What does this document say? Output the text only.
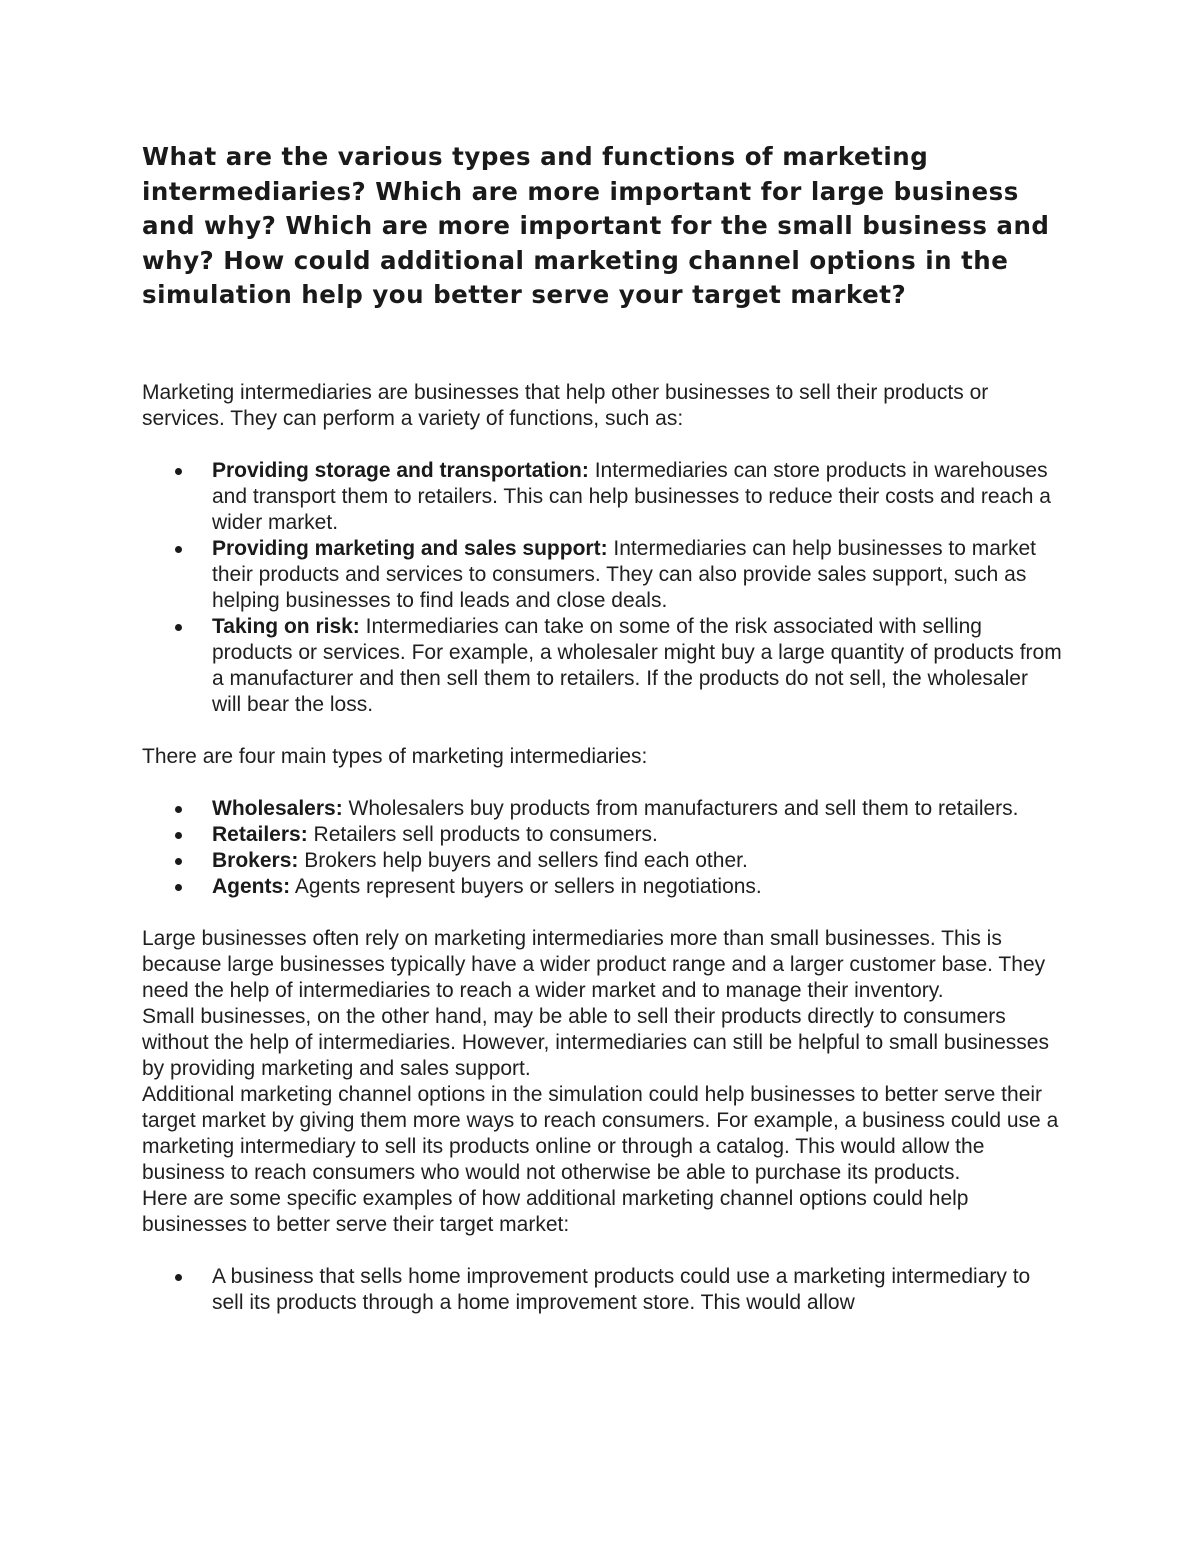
What are the various types and functions of marketing intermediaries? Which are more important for large business and why? Which are more important for the small business and why? How could additional marketing channel options in the simulation help you better serve your target market?

Marketing intermediaries are businesses that help other businesses to sell their products or services. They can perform a variety of functions, such as:

Providing storage and transportation: Intermediaries can store products in warehouses and transport them to retailers. This can help businesses to reduce their costs and reach a wider market.
Providing marketing and sales support: Intermediaries can help businesses to market their products and services to consumers. They can also provide sales support, such as helping businesses to find leads and close deals.
Taking on risk: Intermediaries can take on some of the risk associated with selling products or services. For example, a wholesaler might buy a large quantity of products from a manufacturer and then sell them to retailers. If the products do not sell, the wholesaler will bear the loss.

There are four main types of marketing intermediaries:

Wholesalers: Wholesalers buy products from manufacturers and sell them to retailers.
Retailers: Retailers sell products to consumers.
Brokers: Brokers help buyers and sellers find each other.
Agents: Agents represent buyers or sellers in negotiations.

Large businesses often rely on marketing intermediaries more than small businesses. This is because large businesses typically have a wider product range and a larger customer base. They need the help of intermediaries to reach a wider market and to manage their inventory.

Small businesses, on the other hand, may be able to sell their products directly to consumers without the help of intermediaries. However, intermediaries can still be helpful to small businesses by providing marketing and sales support.

Additional marketing channel options in the simulation could help businesses to better serve their target market by giving them more ways to reach consumers. For example, a business could use a marketing intermediary to sell its products online or through a catalog. This would allow the business to reach consumers who would not otherwise be able to purchase its products.

Here are some specific examples of how additional marketing channel options could help businesses to better serve their target market:

A business that sells home improvement products could use a marketing intermediary to sell its products through a home improvement store. This would allow
